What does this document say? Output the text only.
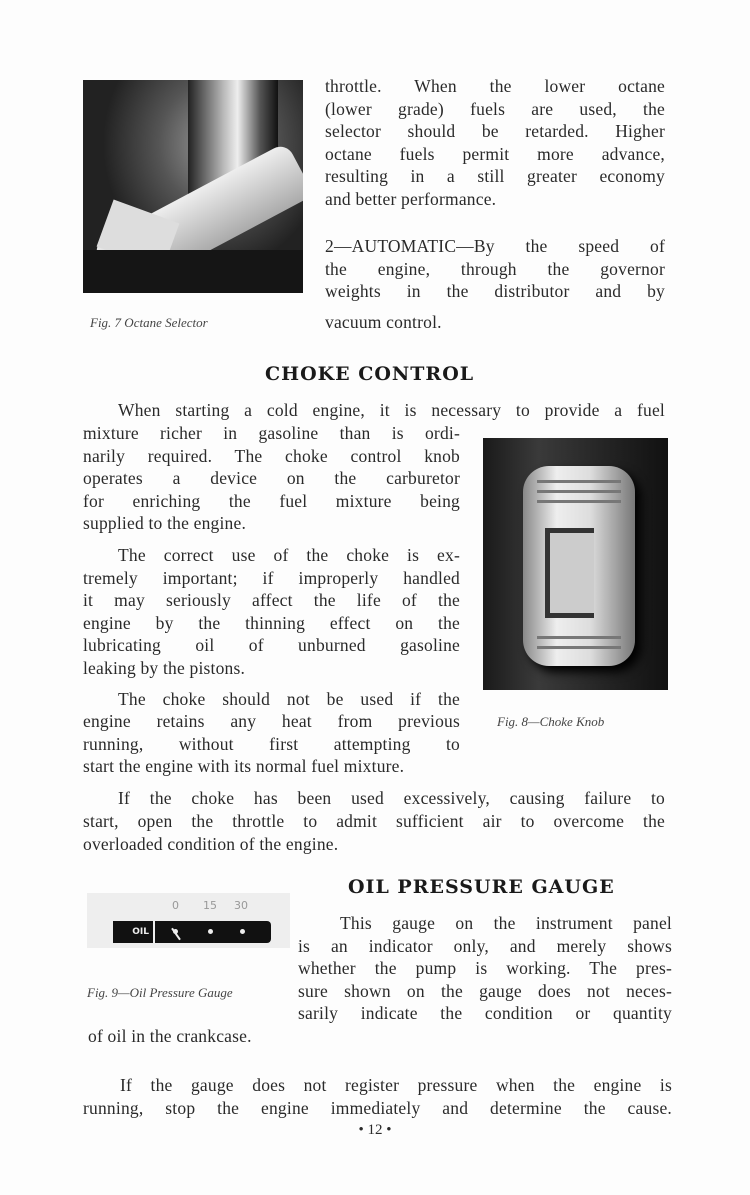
Fig. 7 Octane Selector
CHOKE CONTROL
Fig. 8—Choke Knob
OIL PRESSURE GAUGE
0 15 30
OIL
Fig. 9—Oil Pressure Gauge
• 12 •
throttle. When the lower octane
(lower grade) fuels are used, the
selector should be retarded. Higher
octane fuels permit more advance,
resulting in a still greater economy
and better performance.
2—AUTOMATIC—By the speed of
the engine, through the governor
weights in the distributor and by
vacuum control.
When starting a cold engine, it is necessary to provide a fuel
mixture richer in gasoline than is ordi-
narily required. The choke control knob
operates a device on the carburetor
for enriching the fuel mixture being
supplied to the engine.
The correct use of the choke is ex-
tremely important; if improperly handled
it may seriously affect the life of the
engine by the thinning effect on the
lubricating oil of unburned gasoline
leaking by the pistons.
The choke should not be used if the
engine retains any heat from previous
running, without first attempting to
start the engine with its normal fuel mixture.
If the choke has been used excessively, causing failure to
start, open the throttle to admit sufficient air to overcome the
overloaded condition of the engine.
This gauge on the instrument panel
is an indicator only, and merely shows
whether the pump is working. The pres-
sure shown on the gauge does not neces-
sarily indicate the condition or quantity
of oil in the crankcase.
If the gauge does not register pressure when the engine is
running, stop the engine immediately and determine the cause.
